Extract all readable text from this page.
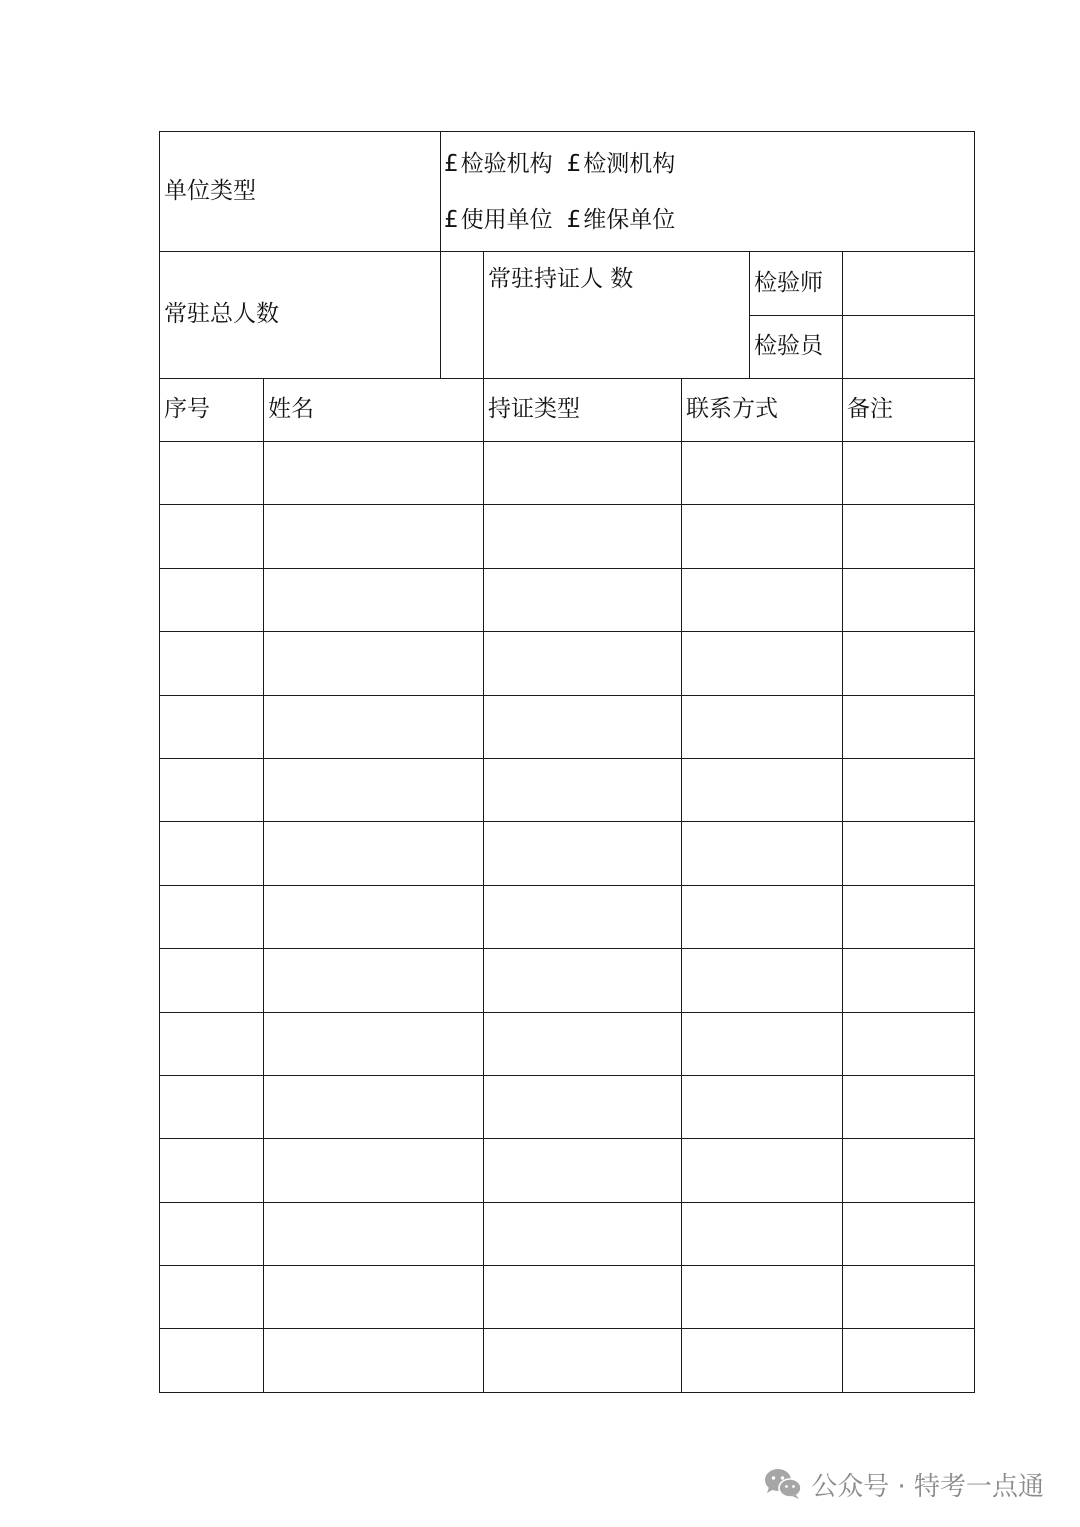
单位类型		£检验机构 £检测机构
£使用单位 £维保单位				

常驻总人数			常驻持证人 数		检验师	
					检验员	
序号	姓名		持证类型	联系方式		备注

公众号 · 特考一点通
